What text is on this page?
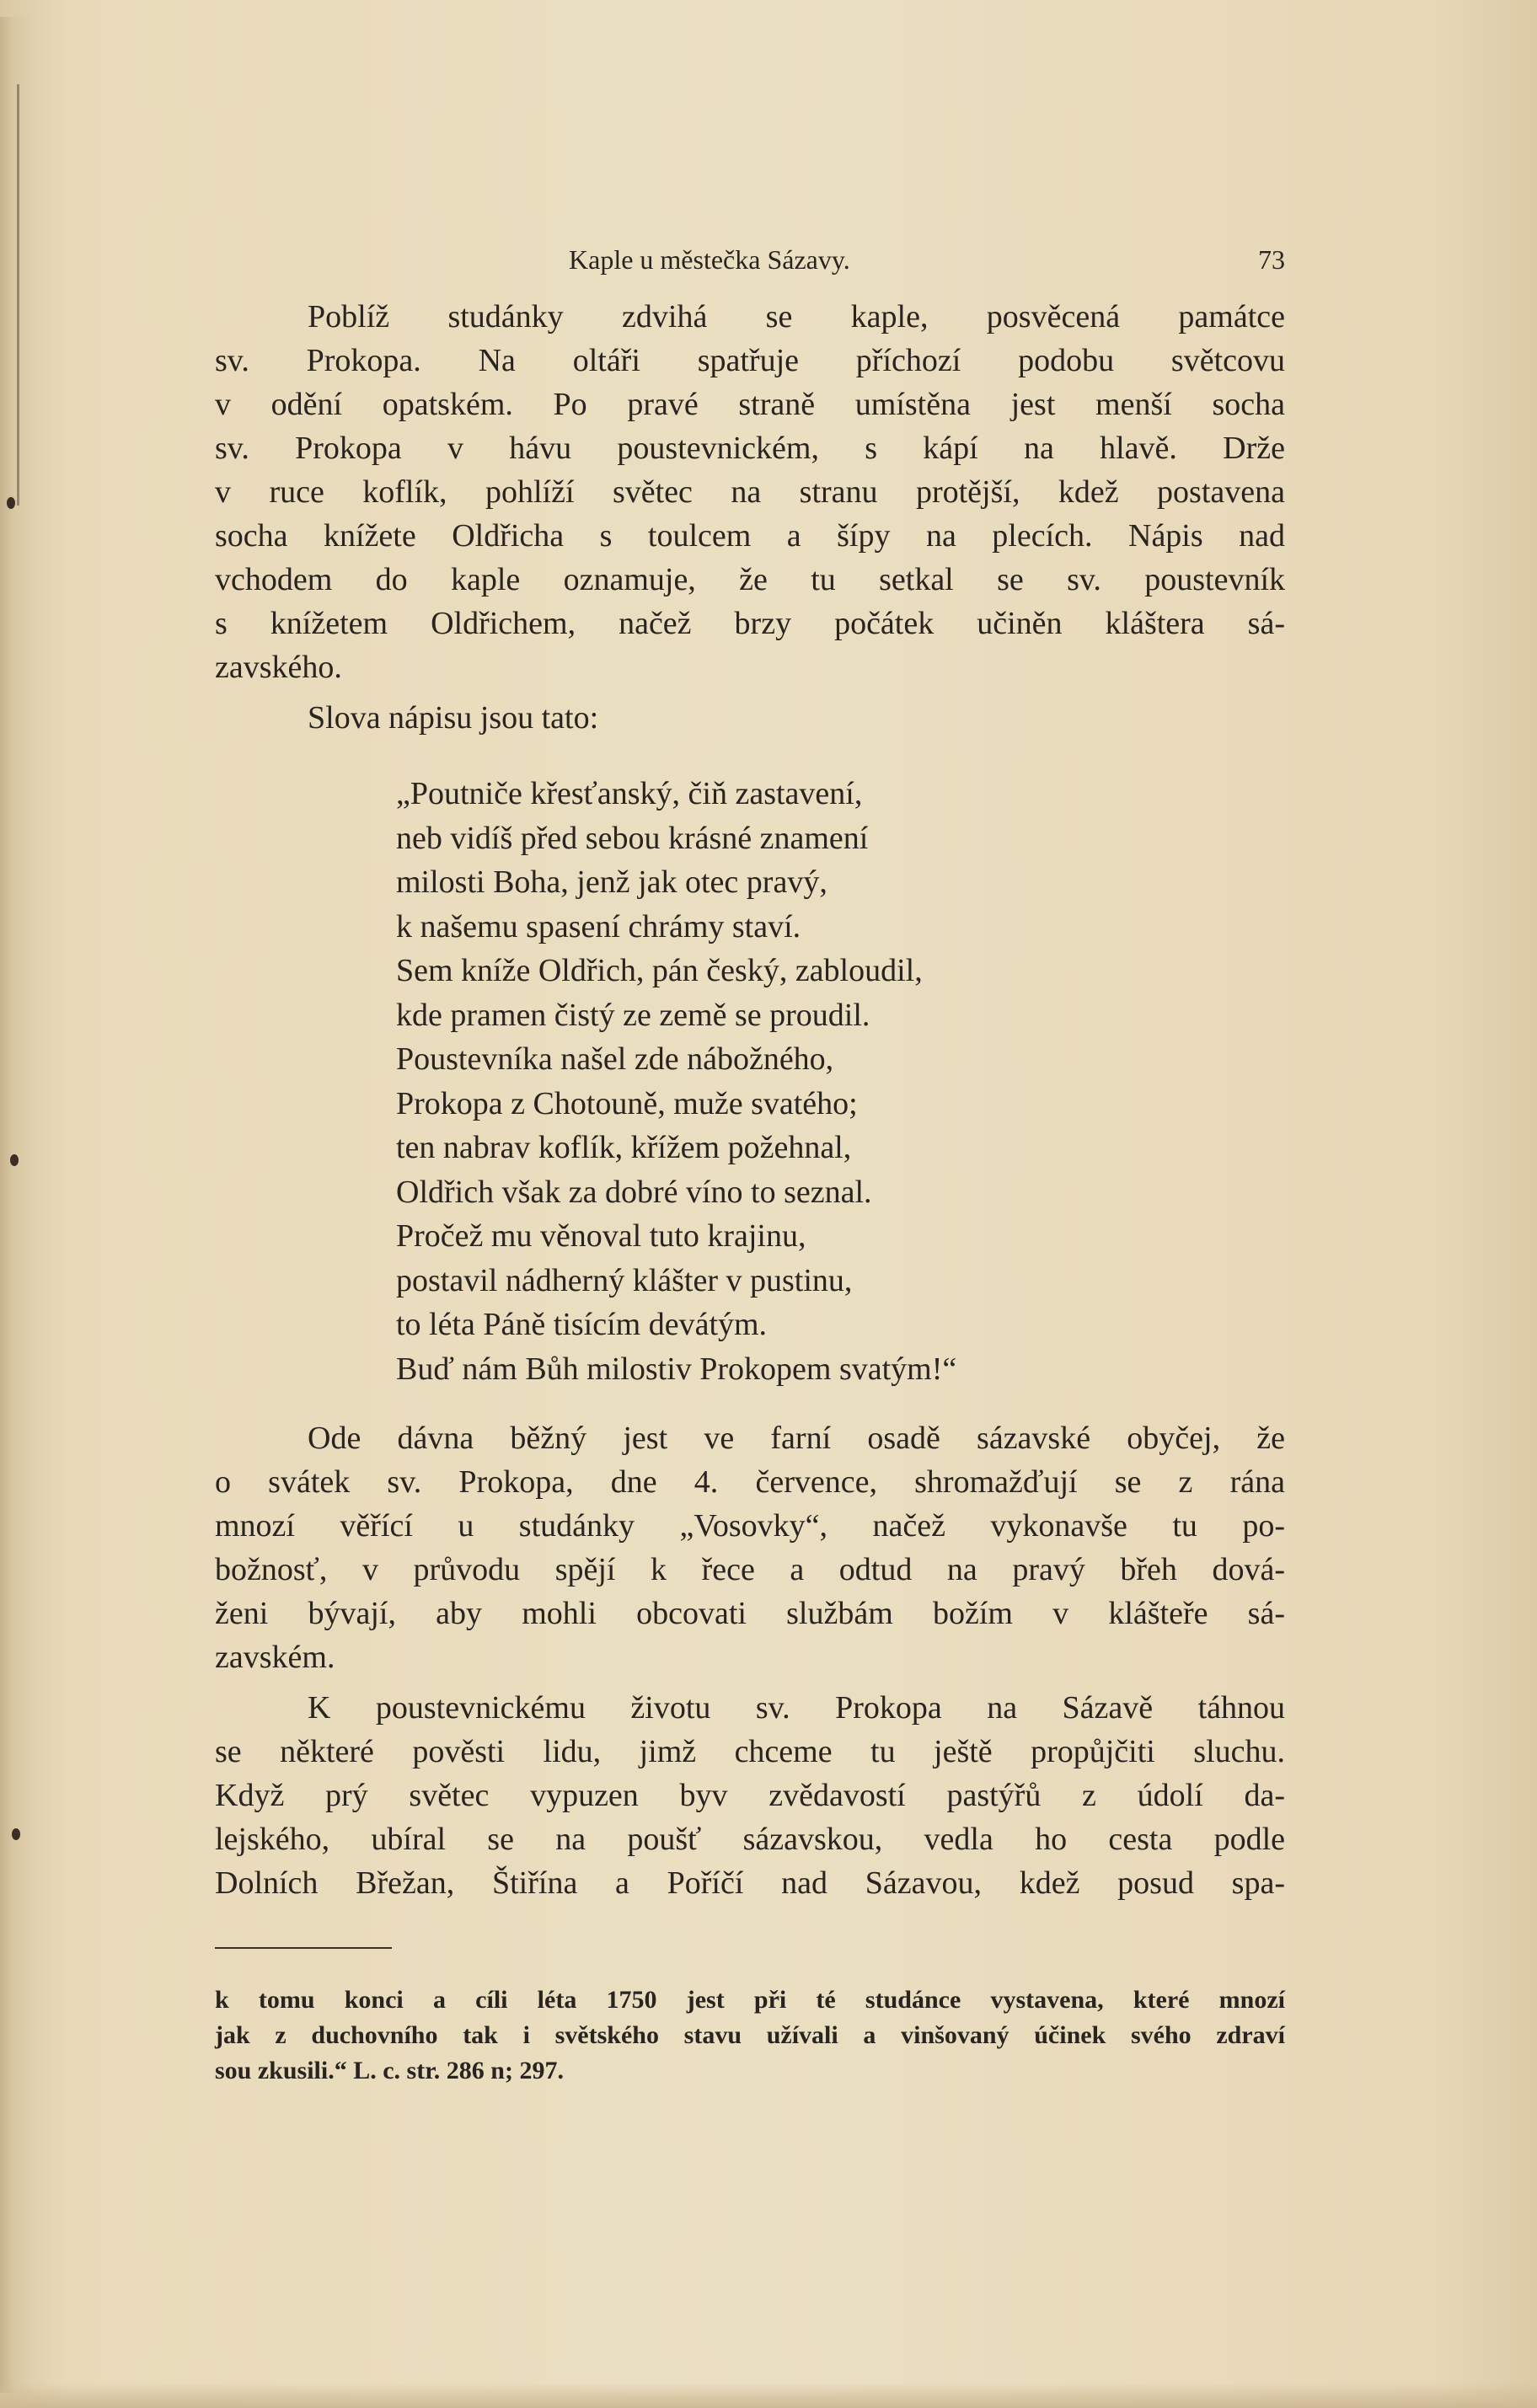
Kaple u městečka Sázavy.	73
Poblíž studánky zdvihá se kaple, posvěcená památce
sv. Prokopa. Na oltáři spatřuje příchozí podobu světcovu
v odění opatském. Po pravé straně umístěna jest menší socha
sv. Prokopa v hávu poustevnickém, s kápí na hlavě. Drže
v ruce koflík, pohlíží světec na stranu protější, kdež postavena
socha knížete Oldřicha s toulcem a šípy na plecích. Nápis nad
vchodem do kaple oznamuje, že tu setkal se sv. poustevník
s knížetem Oldřichem, načež brzy počátek učiněn kláštera sá-
zavského.
Slova nápisu jsou tato:
„Poutniče křesťanský, čiň zastavení,
neb vidíš před sebou krásné znamení
milosti Boha, jenž jak otec pravý,
k našemu spasení chrámy staví.
Sem kníže Oldřich, pán český, zabloudil,
kde pramen čistý ze země se proudil.
Poustevníka našel zde nábožného,
Prokopa z Chotouně, muže svatého;
ten nabrav koflík, křížem požehnal,
Oldřich však za dobré víno to seznal.
Pročež mu věnoval tuto krajinu,
postavil nádherný klášter v pustinu,
to léta Páně tisícím devátým.
Buď nám Bůh milostiv Prokopem svatým!“
Ode dávna běžný jest ve farní osadě sázavské obyčej, že
o svátek sv. Prokopa, dne 4. července, shromažďují se z rána
mnozí věřící u studánky „Vosovky“, načež vykonavše tu po-
božnosť, v průvodu spějí k řece a odtud na pravý břeh dová-
ženi bývají, aby mohli obcovati službám božím v klášteře sá-
zavském.
K poustevnickému životu sv. Prokopa na Sázavě táhnou
se některé pověsti lidu, jimž chceme tu ještě propůjčiti sluchu.
Když prý světec vypuzen byv zvědavostí pastýřů z údolí da-
lejského, ubíral se na poušť sázavskou, vedla ho cesta podle
Dolních Břežan, Štiřína a Poříčí nad Sázavou, kdež posud spa-
k tomu konci a cíli léta 1750 jest při té studánce vystavena, které mnozí
jak z duchovního tak i světského stavu užívali a vinšovaný účinek svého zdraví
sou zkusili.“ L. c. str. 286 n; 297.
